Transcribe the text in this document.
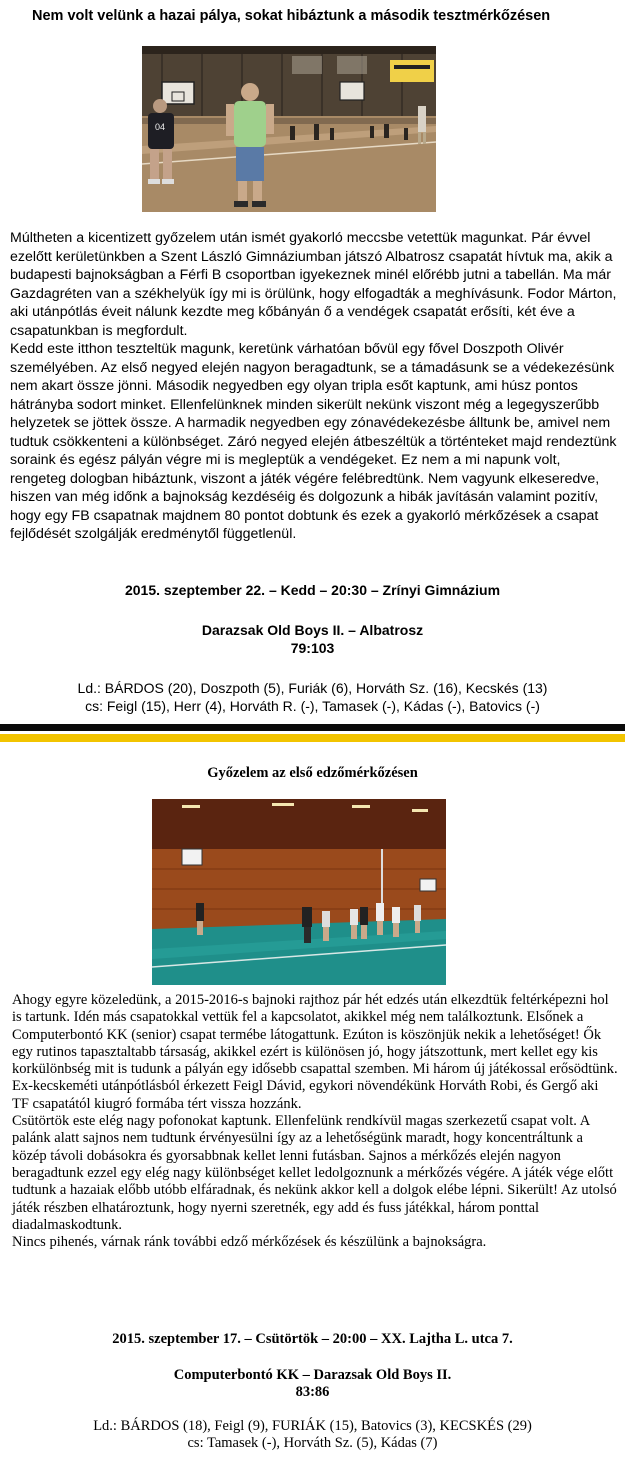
Nem volt velünk a hazai pálya, sokat hibáztunk a második tesztmérkőzésen
04

Múltheten a kicentizett győzelem után ismét gyakorló meccsbe vetettük magunkat. Pár évvel ezelőtt kerületünkben a Szent László Gimnáziumban játszó Albatrosz csapatát hívtuk ma, akik a budapesti bajnokságban a Férfi B csoportban igyekeznek minél előrébb jutni a tabellán. Ma már Gazdagréten van a székhelyük így mi is örülünk, hogy elfogadták a meghívásunk. Fodor Márton, aki utánpótlás éveit nálunk kezdte meg kőbányán ő a vendégek csapatát erősíti, két éve a csapatunkban is megfordult.

Kedd este itthon teszteltük magunk, keretünk várhatóan bővül egy fővel Doszpoth Olivér személyében. Az első negyed elején nagyon beragadtunk, se a támadásunk se a védekezésünk nem akart össze jönni. Második negyedben egy olyan tripla esőt kaptunk, ami húsz pontos hátrányba sodort minket. Ellenfelünknek minden sikerült nekünk viszont még a legegyszerűbb helyzetek se jöttek össze. A harmadik negyedben egy zónavédekezésbe álltunk be, amivel nem tudtuk csökkenteni a különbséget. Záró negyed elején átbeszéltük a történteket majd rendeztünk soraink és egész pályán végre mi is megleptük a vendégeket. Ez nem a mi napunk volt, rengeteg dologban hibáztunk, viszont a játék végére felébredtünk. Nem vagyunk elkeseredve, hiszen van még időnk a bajnokság kezdéséig és dolgozunk a hibák javításán valamint pozitív, hogy egy FB csapatnak majdnem 80 pontot dobtunk és ezek a gyakorló mérkőzések a csapat fejlődését szolgálják eredménytől függetlenül.

2015. szeptember 22. – Kedd – 20:30 – Zrínyi Gimnázium
Darazsak Old Boys II. – Albatrosz
79:103
Ld.: BÁRDOS (20), Doszpoth (5), Furiák (6), Horváth Sz. (16), Kecskés (13)
cs: Feigl (15), Herr (4), Horváth R. (-), Tamasek (-), Kádas (-), Batovics (-)
Győzelem az első edzőmérkőzésen

Ahogy egyre közeledünk, a 2015-2016-s bajnoki rajthoz pár hét edzés után elkezdtük feltérképezni hol is tartunk. Idén más csapatokkal vettük fel a kapcsolatot, akikkel még nem találkoztunk. Elsőnek a Computerbontó KK (senior) csapat termébe látogattunk. Ezúton is köszönjük nekik a lehetőséget! Ők egy rutinos tapasztaltabb társaság, akikkel ezért is különösen jó, hogy játszottunk, mert kellet egy kis korkülönbség mit is tudunk a pályán egy idősebb csapattal szemben. Mi három új játékossal erősödtünk. Ex-kecskeméti utánpótlásból érkezett Feigl Dávid, egykori növendékünk Horváth Robi, és Gergő aki TF csapatától kiugró formába tért vissza hozzánk.

Csütörtök este elég nagy pofonokat kaptunk. Ellenfelünk rendkívül magas szerkezetű csapat volt. A palánk alatt sajnos nem tudtunk érvényesülni így az a lehetőségünk maradt, hogy koncentráltunk a közép távoli dobásokra és gyorsabbnak kellet lenni futásban. Sajnos a mérkőzés elején nagyon beragadtunk ezzel egy elég nagy különbséget kellet ledolgoznunk a mérkőzés végére. A játék vége előtt tudtunk a hazaiak előbb utóbb elfáradnak, és nekünk akkor kell a dolgok elébe lépni. Sikerült! Az utolsó játék részben elhatároztunk, hogy nyerni szeretnék, egy add és fuss játékkal, három ponttal diadalmaskodtunk.

Nincs pihenés, várnak ránk további edző mérkőzések és készülünk a bajnokságra.

2015. szeptember 17. – Csütörtök – 20:00 – XX. Lajtha L. utca 7.
Computerbontó KK – Darazsak Old Boys II.
83:86
Ld.: BÁRDOS (18), Feigl (9), FURIÁK (15), Batovics (3), KECSKÉS (29)
cs: Tamasek (-), Horváth Sz. (5), Kádas (7)
